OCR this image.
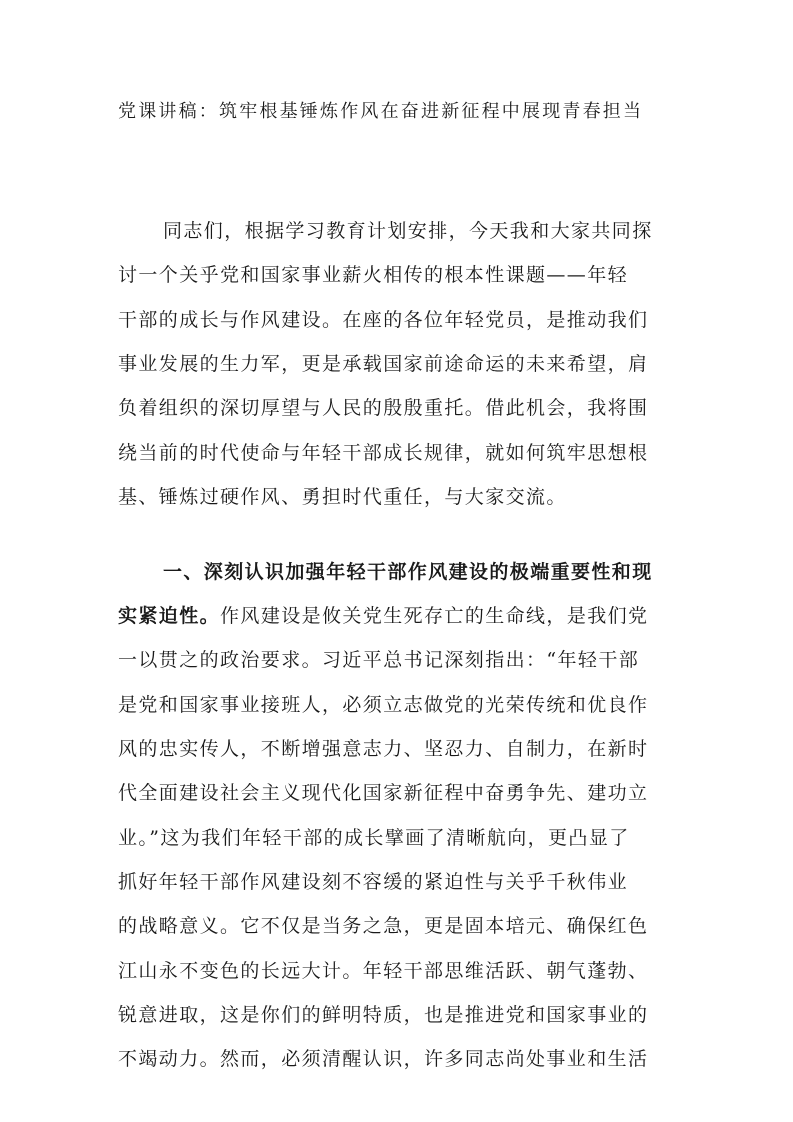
党课讲稿：筑牢根基锤炼作风在奋进新征程中展现青春担当
同志们，根据学习教育计划安排，今天我和大家共同探
讨一个关乎党和国家事业薪火相传的根本性课题——年轻
干部的成长与作风建设。在座的各位年轻党员，是推动我们
事业发展的生力军，更是承载国家前途命运的未来希望，肩
负着组织的深切厚望与人民的殷殷重托。借此机会，我将围
绕当前的时代使命与年轻干部成长规律，就如何筑牢思想根
基、锤炼过硬作风、勇担时代重任，与大家交流。
一、深刻认识加强年轻干部作风建设的极端重要性和现
实紧迫性。作风建设是攸关党生死存亡的生命线，是我们党
一以贯之的政治要求。习近平总书记深刻指出：“年轻干部
是党和国家事业接班人，必须立志做党的光荣传统和优良作
风的忠实传人，不断增强意志力、坚忍力、自制力，在新时
代全面建设社会主义现代化国家新征程中奋勇争先、建功立
业。”这为我们年轻干部的成长擘画了清晰航向，更凸显了
抓好年轻干部作风建设刻不容缓的紧迫性与关乎千秋伟业
的战略意义。它不仅是当务之急，更是固本培元、确保红色
江山永不变色的长远大计。年轻干部思维活跃、朝气蓬勃、
锐意进取，这是你们的鲜明特质，也是推进党和国家事业的
不竭动力。然而，必须清醒认识，许多同志尚处事业和生活
